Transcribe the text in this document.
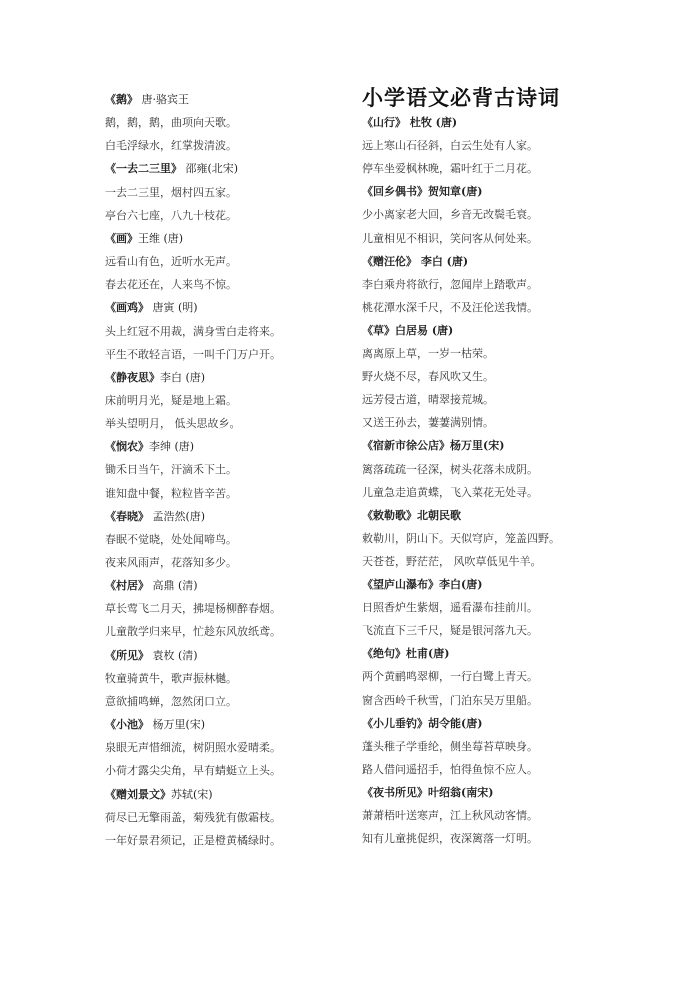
小学语文必背古诗词
《鹅》 唐·骆宾王
鹅，鹅，鹅，曲项向天歌。
白毛浮绿水，红掌拨清波。
《一去二三里》 邵雍(北宋)
一去二三里，烟村四五家。
亭台六七座，八九十枝花。
《画》王维 (唐)
远看山有色，近听水无声。
春去花还在，人来鸟不惊。
《画鸡》 唐寅 (明)
头上红冠不用裁，满身雪白走将来。
平生不敢轻言语，一叫千门万户开。
《静夜思》李白 (唐)
床前明月光，疑是地上霜。
举头望明月， 低头思故乡。
《悯农》李绅 (唐)
锄禾日当午，汗滴禾下土。
谁知盘中餐，粒粒皆辛苦。
《春晓》 孟浩然(唐)
春眠不觉晓，处处闻啼鸟。
夜来风雨声，花落知多少。
《村居》 高鼎 (清)
草长莺飞二月天，拂堤杨柳醉春烟。
儿童散学归来早，忙趁东风放纸鸢。
《所见》 袁枚 (清)
牧童骑黄牛，歌声振林樾。
意欲捕鸣蝉，忽然闭口立。
《小池》 杨万里(宋)
泉眼无声惜细流，树阴照水爱晴柔。
小荷才露尖尖角，早有蜻蜓立上头。
《赠刘景文》苏轼(宋)
荷尽已无擎雨盖，菊残犹有傲霜枝。
一年好景君须记，正是橙黄橘绿时。
《山行》 杜牧 (唐)
远上寒山石径斜，白云生处有人家。
停车坐爱枫林晚，霜叶红于二月花。
《回乡偶书》贺知章(唐)
少小离家老大回，乡音无改鬓毛衰。
儿童相见不相识，笑问客从何处来。
《赠汪伦》 李白 (唐)
李白乘舟将欲行，忽闻岸上踏歌声。
桃花潭水深千尺，不及汪伦送我情。
《草》白居易 (唐)
离离原上草，一岁一枯荣。
野火烧不尽，春风吹又生。
远芳侵古道，晴翠接荒城。
又送王孙去，萋萋满别情。
《宿新市徐公店》杨万里(宋)
篱落疏疏一径深，树头花落未成阴。
儿童急走追黄蝶，飞入菜花无处寻。
《敕勒歌》北朝民歌
敕勒川，阴山下。天似穹庐，笼盖四野。
天苍苍，野茫茫， 风吹草低见牛羊。
《望庐山瀑布》李白(唐)
日照香炉生紫烟，遥看瀑布挂前川。
飞流直下三千尺，疑是银河落九天。
《绝句》杜甫(唐)
两个黄鹂鸣翠柳，一行白鹭上青天。
窗含西岭千秋雪，门泊东吴万里船。
《小儿垂钓》胡令能(唐)
蓬头稚子学垂纶，侧坐莓苔草映身。
路人借问遥招手，怕得鱼惊不应人。
《夜书所见》叶绍翁(南宋)
萧萧梧叶送寒声，江上秋风动客情。
知有儿童挑促织，夜深篱落一灯明。
